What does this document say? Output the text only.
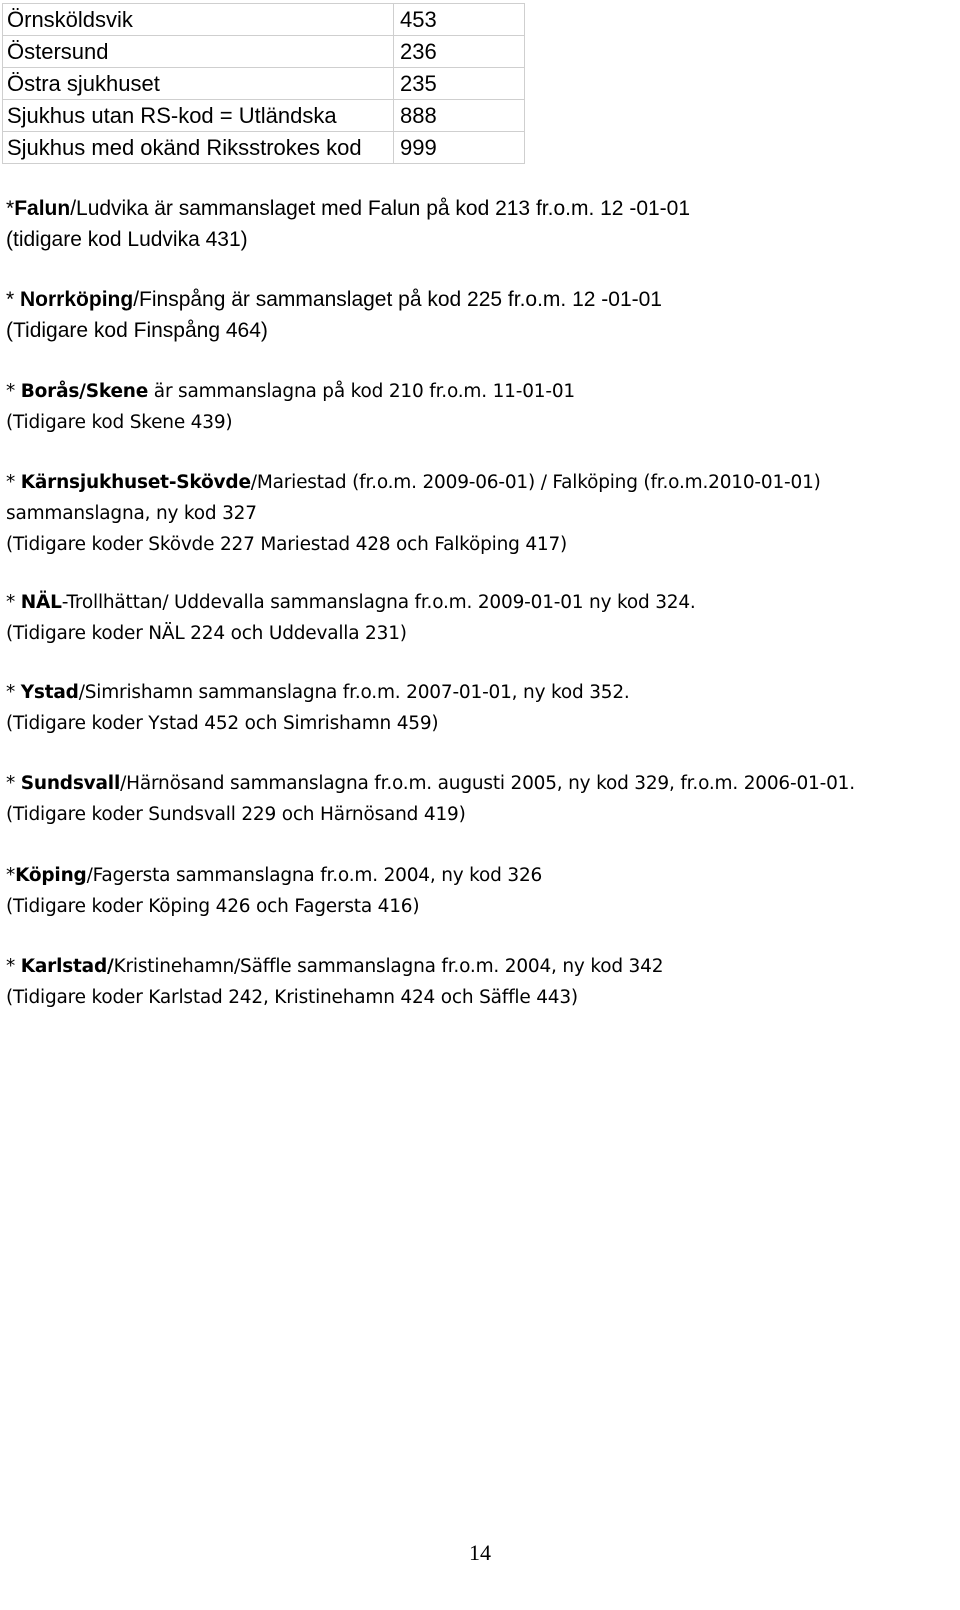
Örnsköldsvik	453
Östersund	236
Östra sjukhuset	235
Sjukhus utan RS-kod = Utländska	888
Sjukhus med okänd Riksstrokes kod	999

*Falun/Ludvika är sammanslaget med Falun på kod 213 fr.o.m. 12 -01-01

(tidigare kod Ludvika 431)

* Norrköping/Finspång är sammanslaget på kod 225 fr.o.m. 12 -01-01

(Tidigare kod Finspång 464)

* Borås/Skene är sammanslagna på kod 210 fr.o.m. 11-01-01

(Tidigare kod Skene 439)

* Kärnsjukhuset-Skövde/Mariestad (fr.o.m. 2009-06-01) / Falköping (fr.o.m.2010-01-01)

sammanslagna, ny kod 327

(Tidigare koder Skövde 227 Mariestad 428 och Falköping 417)

* NÄL-Trollhättan/ Uddevalla sammanslagna fr.o.m. 2009-01-01 ny kod 324.

(Tidigare koder NÄL 224 och Uddevalla 231)

* Ystad/Simrishamn sammanslagna fr.o.m. 2007-01-01, ny kod 352.

(Tidigare koder Ystad 452 och Simrishamn 459)

* Sundsvall/Härnösand sammanslagna fr.o.m. augusti 2005, ny kod 329, fr.o.m. 2006-01-01.

(Tidigare koder Sundsvall 229 och Härnösand 419)

*Köping/Fagersta sammanslagna fr.o.m. 2004, ny kod 326

(Tidigare koder Köping 426 och Fagersta 416)

* Karlstad/Kristinehamn/Säffle sammanslagna fr.o.m. 2004, ny kod 342

(Tidigare koder Karlstad 242, Kristinehamn 424 och Säffle 443)

14
